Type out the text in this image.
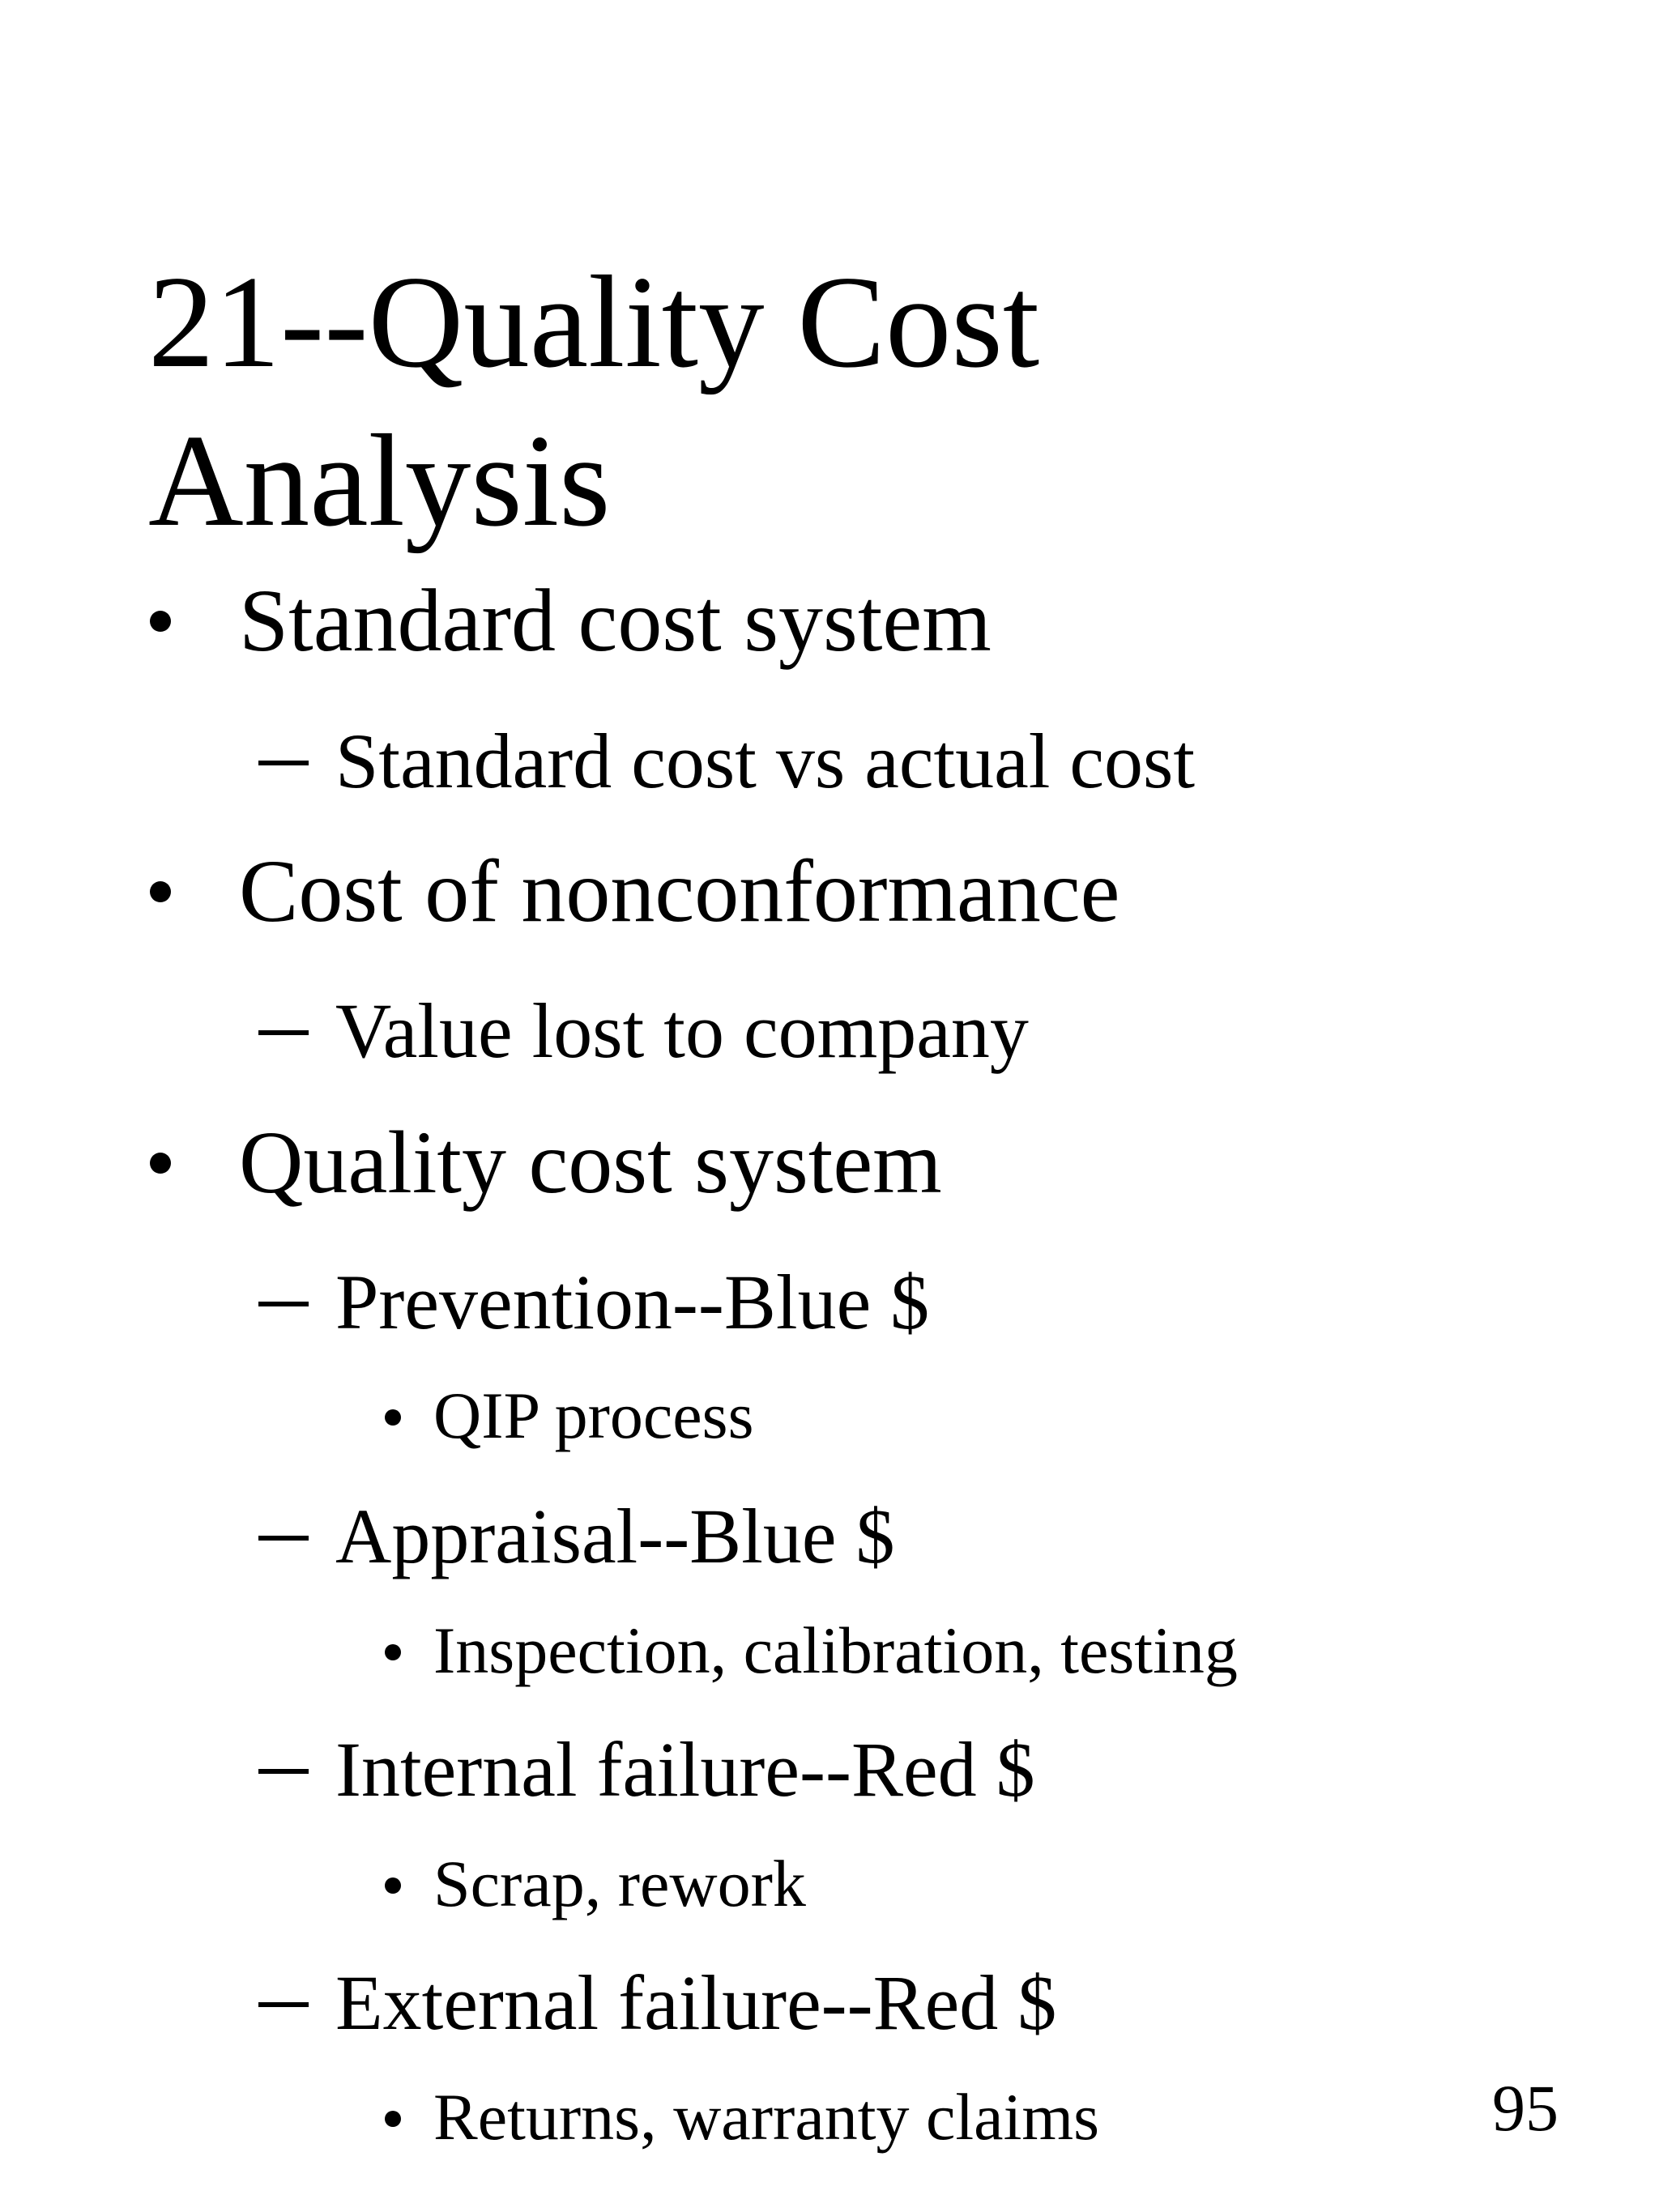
21--Quality Cost
Analysis
Standard cost system
Standard cost vs actual cost
Cost of nonconformance
Value lost to company
Quality cost system
Prevention--Blue $
QIP process
Appraisal--Blue $
Inspection, calibration, testing
Internal failure--Red $
Scrap, rework
External failure--Red $
Returns, warranty claims	95
